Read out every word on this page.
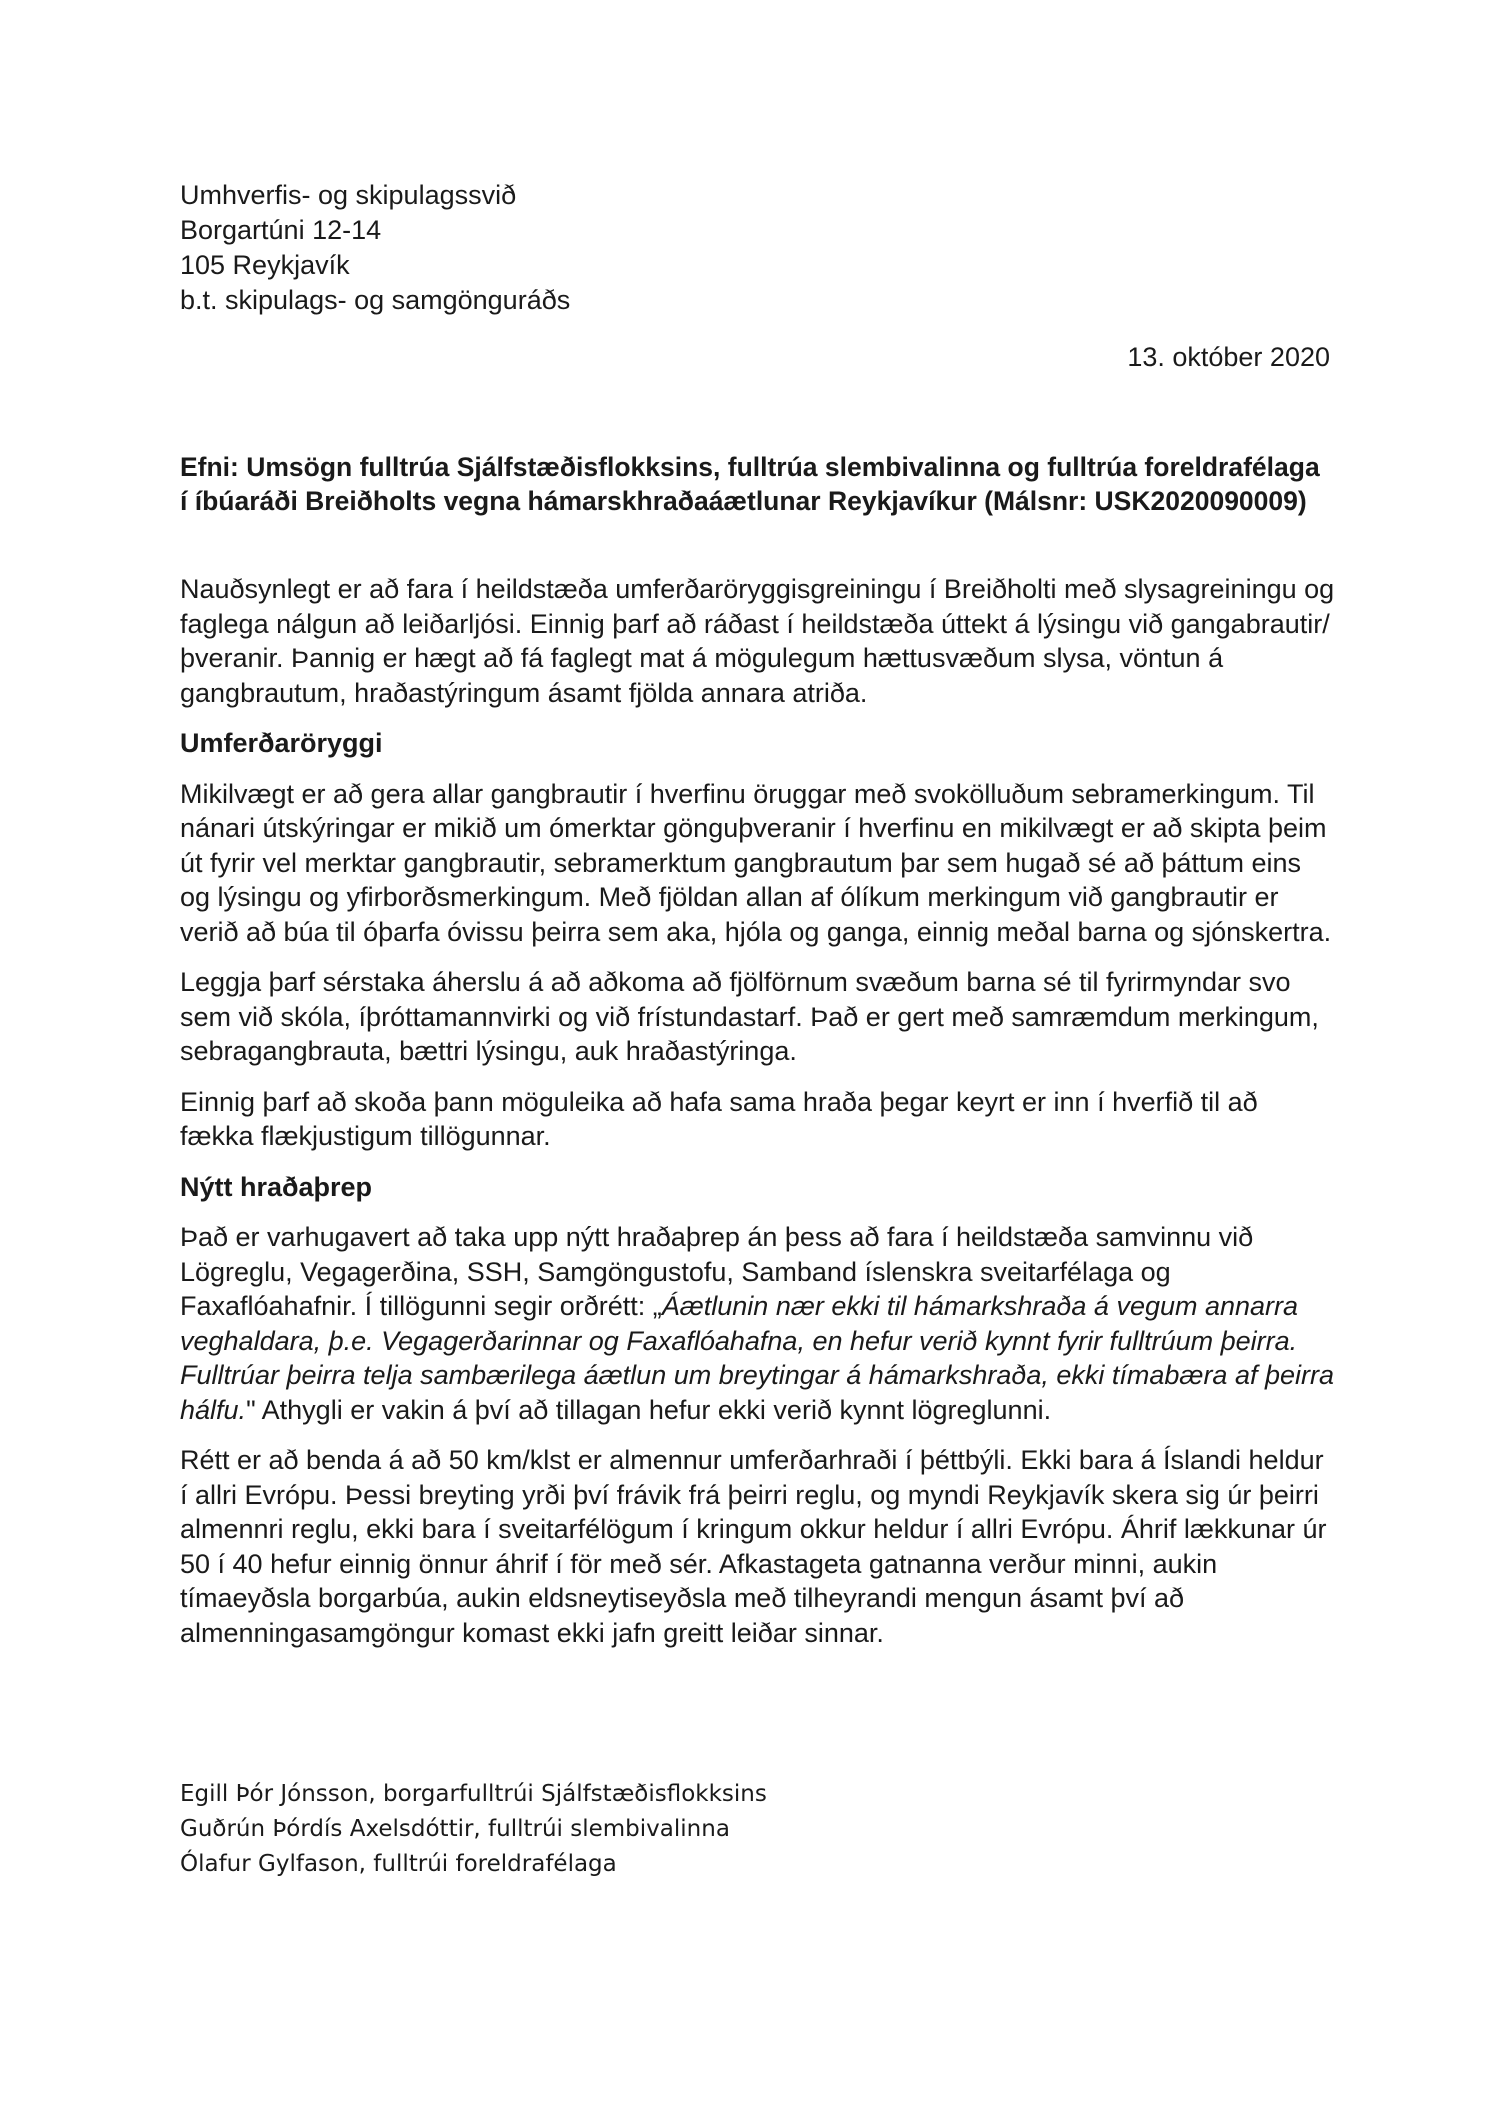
Umhverfis- og skipulagssvið
Borgartúni 12-14
105 Reykjavík
b.t. skipulags- og samgönguráðs
13. október 2020
Efni: Umsögn fulltrúa Sjálfstæðisflokksins, fulltrúa slembivalinna og fulltrúa foreldrafélaga í íbúaráði Breiðholts vegna hámarskhraðaáætlunar Reykjavíkur (Málsnr: USK2020090009)

Nauðsynlegt er að fara í heildstæða umferðaröryggisgreiningu í Breiðholti með slysagreiningu og faglega nálgun að leiðarljósi. Einnig þarf að ráðast í heildstæða úttekt á lýsingu við gangabrautir/þveranir. Þannig er hægt að fá faglegt mat á mögulegum hættusvæðum slysa, vöntun á gangbrautum, hraðastýringum ásamt fjölda annara atriða.

Umferðaröryggi

Mikilvægt er að gera allar gangbrautir í hverfinu öruggar með svokölluðum sebramerkingum. Til nánari útskýringar er mikið um ómerktar gönguþveranir í hverfinu en mikilvægt er að skipta þeim út fyrir vel merktar gangbrautir, sebramerktum gangbrautum þar sem hugað sé að þáttum eins og lýsingu og yfirborðsmerkingum. Með fjöldan allan af ólíkum merkingum við gangbrautir er verið að búa til óþarfa óvissu þeirra sem aka, hjóla og ganga, einnig meðal barna og sjónskertra.

Leggja þarf sérstaka áherslu á að aðkoma að fjölförnum svæðum barna sé til fyrirmyndar svo sem við skóla, íþróttamannvirki og við frístundastarf. Það er gert með samræmdum merkingum, sebragangbrauta, bættri lýsingu, auk hraðastýringa.

Einnig þarf að skoða þann möguleika að hafa sama hraða þegar keyrt er inn í hverfið til að fækka flækjustigum tillögunnar.

Nýtt hraðaþrep

Það er varhugavert að taka upp nýtt hraðaþrep án þess að fara í heildstæða samvinnu við Lögreglu, Vegagerðina, SSH, Samgöngustofu, Samband íslenskra sveitarfélaga og Faxaflóahafnir. Í tillögunni segir orðrétt: „Áætlunin nær ekki til hámarkshraða á vegum annarra veghaldara, þ.e. Vegagerðarinnar og Faxaflóahafna, en hefur verið kynnt fyrir fulltrúum þeirra. Fulltrúar þeirra telja sambærilega áætlun um breytingar á hámarkshraða, ekki tímabæra af þeirra hálfu." Athygli er vakin á því að tillagan hefur ekki verið kynnt lögreglunni.

Rétt er að benda á að 50 km/klst er almennur umferðarhraði í þéttbýli. Ekki bara á Íslandi heldur í allri Evrópu. Þessi breyting yrði því frávik frá þeirri reglu, og myndi Reykjavík skera sig úr þeirri almennri reglu, ekki bara í sveitarfélögum í kringum okkur heldur í allri Evrópu. Áhrif lækkunar úr 50 í 40 hefur einnig önnur áhrif í för með sér. Afkastageta gatnanna verður minni, aukin tímaeyðsla borgarbúa, aukin eldsneytiseyðsla með tilheyrandi mengun ásamt því að almenningasamgöngur komast ekki jafn greitt leiðar sinnar.

Egill Þór Jónsson, borgarfulltrúi Sjálfstæðisflokksins
Guðrún Þórdís Axelsdóttir, fulltrúi slembivalinna
Ólafur Gylfason, fulltrúi foreldrafélaga
